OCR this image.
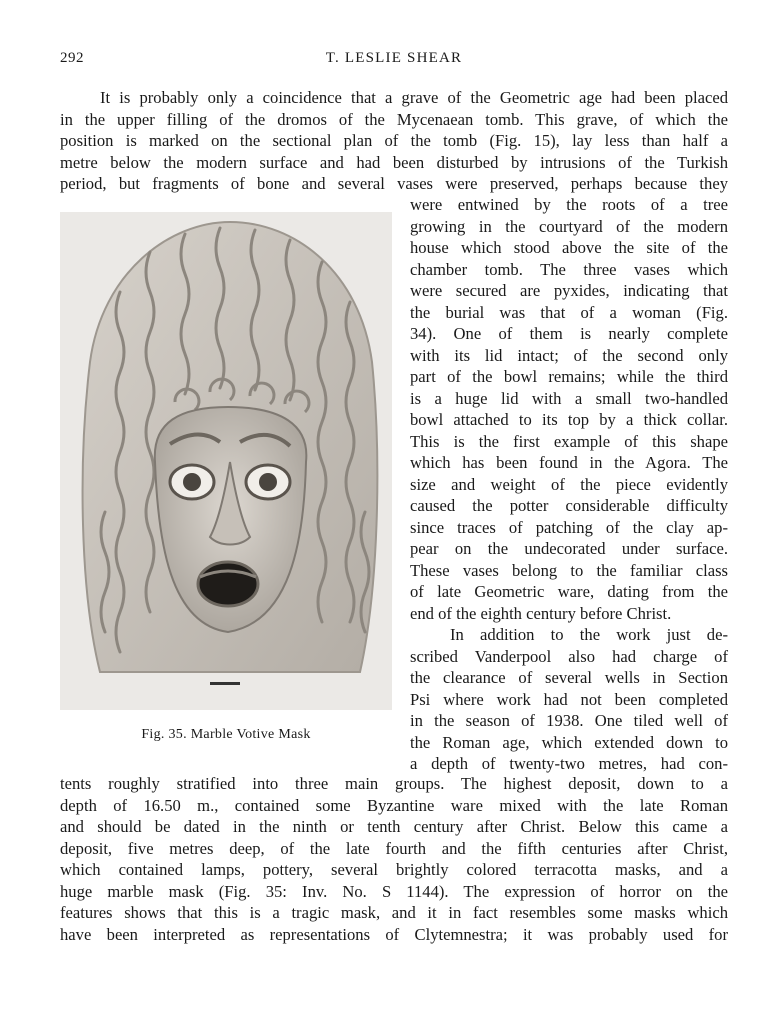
292	T. LESLIE SHEAR
It is probably only a coincidence that a grave of the Geometric age had been placed
in the upper filling of the dromos of the Mycenaean tomb. This grave, of which the
position is marked on the sectional plan of the tomb (Fig. 15), lay less than half a
metre below the modern surface and had been disturbed by intrusions of the Turkish
period, but fragments of bone and several vases were preserved, perhaps because they
Fig. 35. Marble Votive Mask
were entwined by the roots of a tree
growing in the courtyard of the modern
house which stood above the site of the
chamber tomb. The three vases which
were secured are pyxides, indicating that
the burial was that of a woman (Fig.
34). One of them is nearly complete
with its lid intact; of the second only
part of the bowl remains; while the third
is a huge lid with a small two-handled
bowl attached to its top by a thick collar.
This is the first example of this shape
which has been found in the Agora. The
size and weight of the piece evidently
caused the potter considerable difficulty
since traces of patching of the clay ap-
pear on the undecorated under surface.
These vases belong to the familiar class
of late Geometric ware, dating from the
end of the eighth century before Christ.
In addition to the work just de-
scribed Vanderpool also had charge of
the clearance of several wells in Section
Psi where work had not been completed
in the season of 1938. One tiled well of
the Roman age, which extended down to
a depth of twenty-two metres, had con-
tents roughly stratified into three main groups. The highest deposit, down to a
depth of 16.50 m., contained some Byzantine ware mixed with the late Roman
and should be dated in the ninth or tenth century after Christ. Below this came a
deposit, five metres deep, of the late fourth and the fifth centuries after Christ,
which contained lamps, pottery, several brightly colored terracotta masks, and a
huge marble mask (Fig. 35: Inv. No. S 1144). The expression of horror on the
features shows that this is a tragic mask, and it in fact resembles some masks which
have been interpreted as representations of Clytemnestra; it was probably used for
